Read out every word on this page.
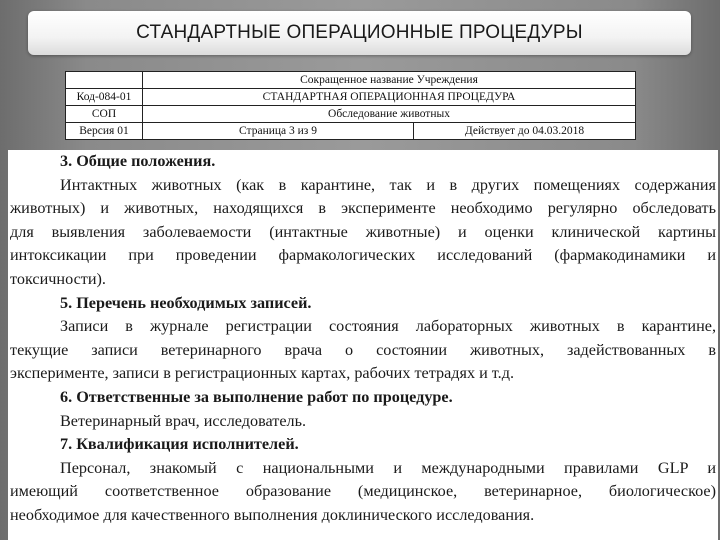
СТАНДАРТНЫЕ ОПЕРАЦИОННЫЕ ПРОЦЕДУРЫ
	Сокращенное название Учреждения	
Код-084-01	СТАНДАРТНАЯ ОПЕРАЦИОННАЯ ПРОЦЕДУРА	
СОП	Обследование животных	
Версия 01	Страница 3 из 9	Действует до 04.03.2018

3. Общие положения.

Интактных животных (как в карантине, так и в других помещениях содержания

животных) и животных, находящихся в эксперименте необходимо регулярно обследовать

для выявления заболеваемости (интактные животные) и оценки клинической картины

интоксикации при проведении фармакологических исследований (фармакодинамики и

токсичности).

5. Перечень необходимых записей.

Записи в журнале регистрации состояния лабораторных животных в карантине,

текущие записи ветеринарного врача о состоянии животных, задействованных в

эксперименте, записи в регистрационных картах, рабочих тетрадях и т.д.

6. Ответственные за выполнение работ по процедуре.

Ветеринарный врач, исследователь.

7. Квалификация исполнителей.

Персонал, знакомый с национальными и международными правилами GLP и

имеющий соответственное образование (медицинское, ветеринарное, биологическое)

необходимое для качественного выполнения доклинического исследования.
